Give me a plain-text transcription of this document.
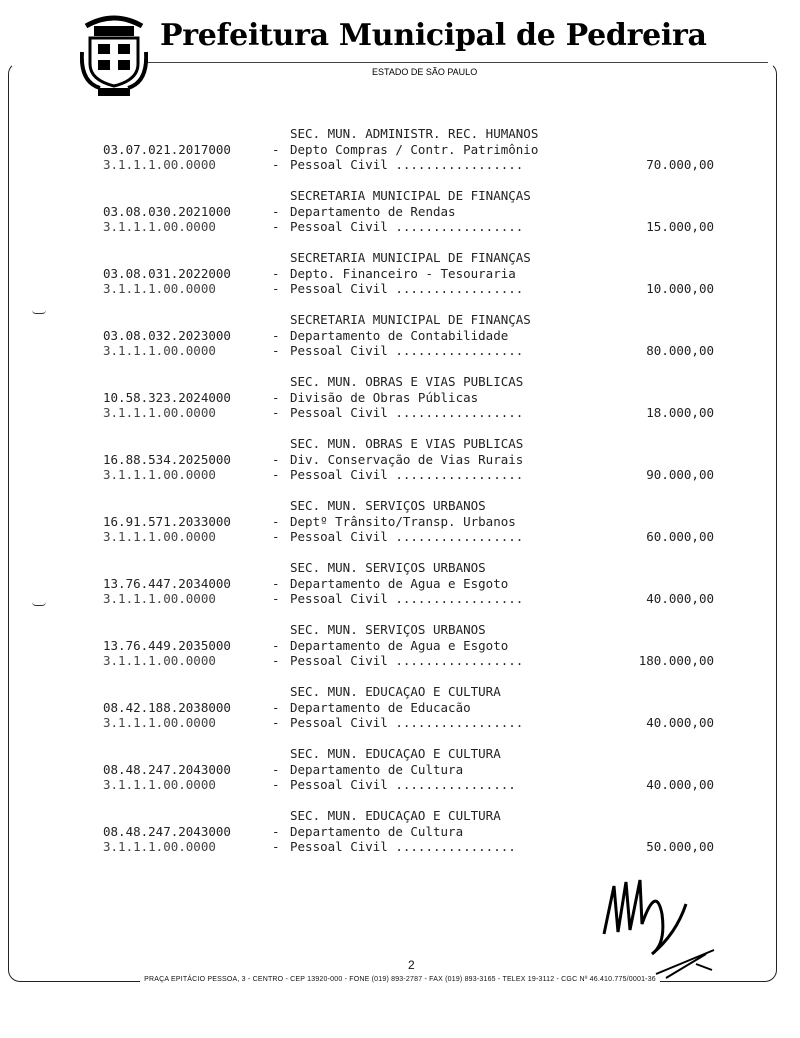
Prefeitura Municipal de Pedreira
ESTADO DE SÃO PAULO
SEC. MUN. ADMINISTR. REC. HUMANOS
03.07.021.2017000	- Depto Compras / Contr. Patrimônio
3.1.1.1.00.0000	- Pessoal Civil .................	70.000,00
SECRETARIA MUNICIPAL DE FINANÇAS
03.08.030.2021000	- Departamento de Rendas
3.1.1.1.00.0000	- Pessoal Civil .................	15.000,00
SECRETARIA MUNICIPAL DE FINANÇAS
03.08.031.2022000	- Depto. Financeiro - Tesouraria
3.1.1.1.00.0000	- Pessoal Civil .................	10.000,00
SECRETARIA MUNICIPAL DE FINANÇAS
03.08.032.2023000	- Departamento de Contabilidade
3.1.1.1.00.0000	- Pessoal Civil .................	80.000,00
SEC. MUN. OBRAS E VIAS PUBLICAS
10.58.323.2024000	- Divisão de Obras Públicas
3.1.1.1.00.0000	- Pessoal Civil .................	18.000,00
SEC. MUN. OBRAS E VIAS PUBLICAS
16.88.534.2025000	- Div. Conservação de Vias Rurais
3.1.1.1.00.0000	- Pessoal Civil .................	90.000,00
SEC. MUN. SERVIÇOS URBANOS
16.91.571.2033000	- Deptº Trânsito/Transp. Urbanos
3.1.1.1.00.0000	- Pessoal Civil .................	60.000,00
SEC. MUN. SERVIÇOS URBANOS
13.76.447.2034000	- Departamento de Agua e Esgoto
3.1.1.1.00.0000	- Pessoal Civil .................	40.000,00
SEC. MUN. SERVIÇOS URBANOS
13.76.449.2035000	- Departamento de Agua e Esgoto
3.1.1.1.00.0000	- Pessoal Civil .................	180.000,00
SEC. MUN. EDUCAÇAO E CULTURA
08.42.188.2038000	- Departamento de Educacão
3.1.1.1.00.0000	- Pessoal Civil .................	40.000,00
SEC. MUN. EDUCAÇAO E CULTURA
08.48.247.2043000	- Departamento de Cultura
3.1.1.1.00.0000	- Pessoal Civil ................	40.000,00
SEC. MUN. EDUCAÇAO E CULTURA
08.48.247.2043000	- Departamento de Cultura
3.1.1.1.00.0000	- Pessoal Civil ................	50.000,00
2
PRAÇA EPITÁCIO PESSOA, 3 - CENTRO - CEP 13920-000 - FONE (019) 893-2787 - FAX (019) 893-3165 - TELEX 19-3112 - CGC Nº 46.410.775/0001-36
